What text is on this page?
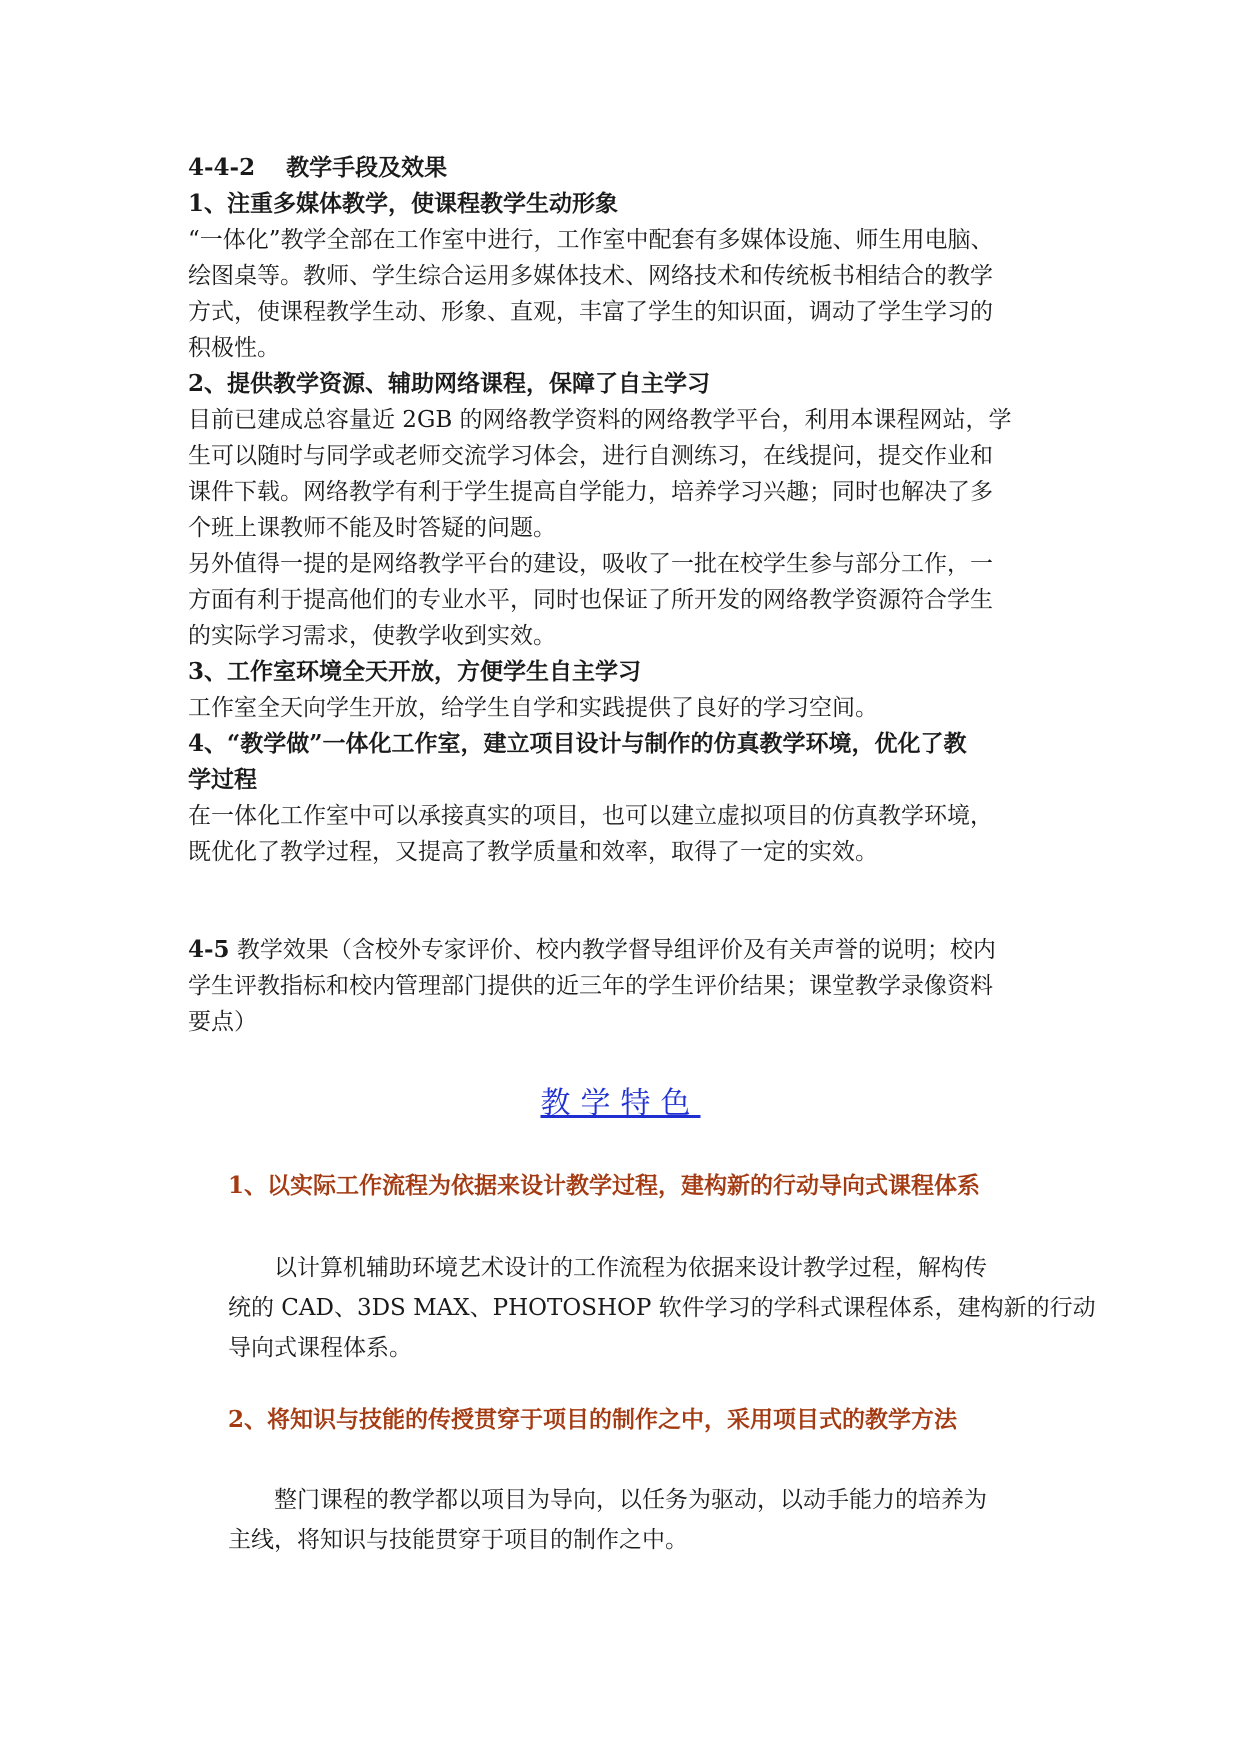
4-4-2　 教学手段及效果

1、注重多媒体教学，使课程教学生动形象

“一体化”教学全部在工作室中进行，工作室中配套有多媒体设施、师生用电脑、
绘图桌等。教师、学生综合运用多媒体技术、网络技术和传统板书相结合的教学
方式，使课程教学生动、形象、直观，丰富了学生的知识面，调动了学生学习的
积极性。

2、提供教学资源、辅助网络课程，保障了自主学习

目前已建成总容量近 2GB 的网络教学资料的网络教学平台，利用本课程网站，学
生可以随时与同学或老师交流学习体会，进行自测练习，在线提问，提交作业和
课件下载。网络教学有利于学生提高自学能力，培养学习兴趣；同时也解决了多
个班上课教师不能及时答疑的问题。
另外值得一提的是网络教学平台的建设，吸收了一批在校学生参与部分工作，一
方面有利于提高他们的专业水平，同时也保证了所开发的网络教学资源符合学生
的实际学习需求，使教学收到实效。

3、工作室环境全天开放，方便学生自主学习

工作室全天向学生开放，给学生自学和实践提供了良好的学习空间。
4、“教学做”一体化工作室，建立项目设计与制作的仿真教学环境，优化了教
学过程
在一体化工作室中可以承接真实的项目，也可以建立虚拟项目的仿真教学环境，
既优化了教学过程，又提高了教学质量和效率，取得了一定的实效。
4-5 教学效果（含校外专家评价、校内教学督导组评价及有关声誉的说明；校内
学生评教指标和校内管理部门提供的近三年的学生评价结果；课堂教学录像资料
要点）
教学特色

1、以实际工作流程为依据来设计教学过程，建构新的行动导向式课程体系

　　以计算机辅助环境艺术设计的工作流程为依据来设计教学过程，解构传
统的 CAD、3DS MAX、PHOTOSHOP 软件学习的学科式课程体系，建构新的行动
导向式课程体系。

2、将知识与技能的传授贯穿于项目的制作之中，采用项目式的教学方法

　　整门课程的教学都以项目为导向，以任务为驱动，以动手能力的培养为
主线，将知识与技能贯穿于项目的制作之中。
